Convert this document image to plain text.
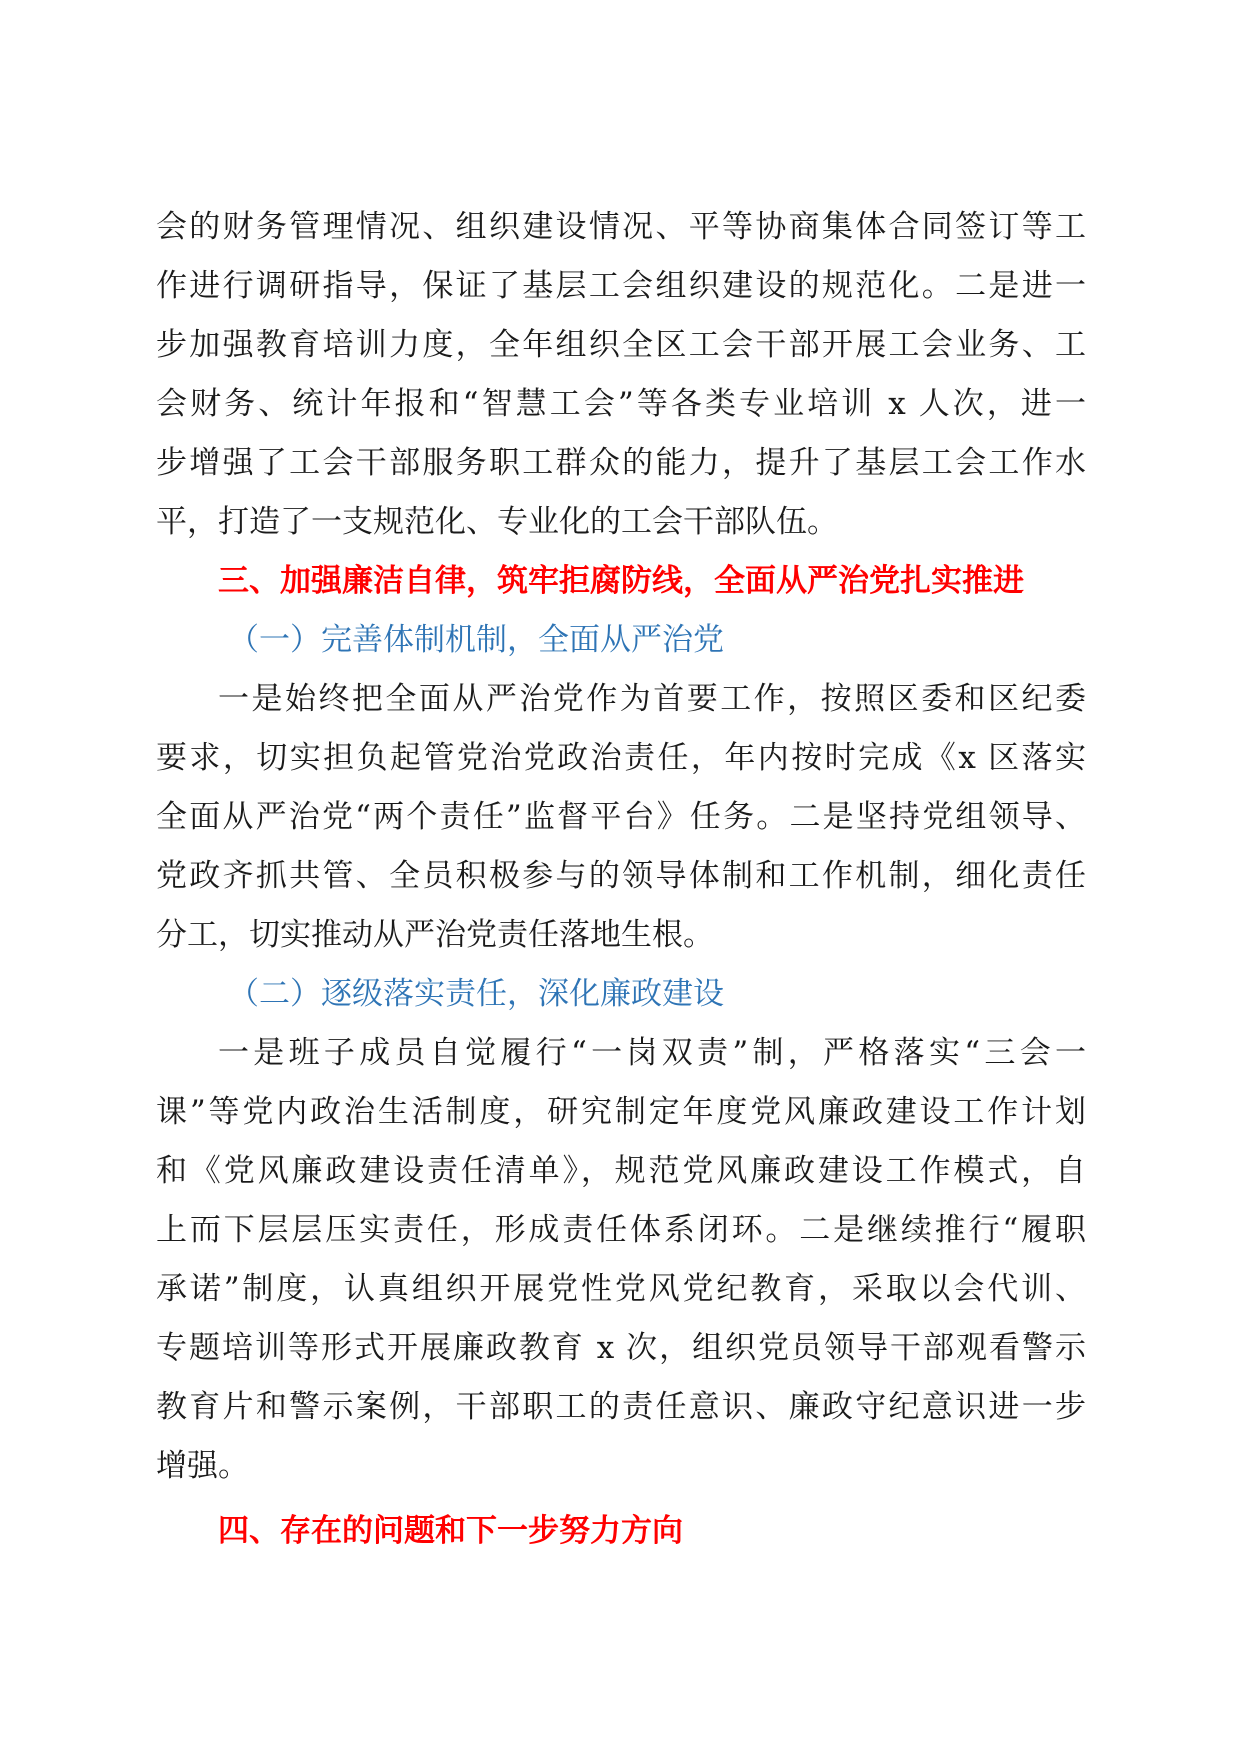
会的财务管理情况、组织建设情况、平等协商集体合同签订等工
作进行调研指导，保证了基层工会组织建设的规范化。二是进一
步加强教育培训力度，全年组织全区工会干部开展工会业务、工
会财务、统计年报和“智慧工会”等各类专业培训 x 人次，进一
步增强了工会干部服务职工群众的能力，提升了基层工会工作水
平，打造了一支规范化、专业化的工会干部队伍。
三、加强廉洁自律，筑牢拒腐防线，全面从严治党扎实推进
（一）完善体制机制，全面从严治党
一是始终把全面从严治党作为首要工作，按照区委和区纪委
要求，切实担负起管党治党政治责任，年内按时完成《x 区落实
全面从严治党“两个责任”监督平台》任务。二是坚持党组领导、
党政齐抓共管、全员积极参与的领导体制和工作机制，细化责任
分工，切实推动从严治党责任落地生根。
（二）逐级落实责任，深化廉政建设
一是班子成员自觉履行“一岗双责”制，严格落实“三会一
课”等党内政治生活制度，研究制定年度党风廉政建设工作计划
和《党风廉政建设责任清单》，规范党风廉政建设工作模式，自
上而下层层压实责任，形成责任体系闭环。二是继续推行“履职
承诺”制度，认真组织开展党性党风党纪教育，采取以会代训、
专题培训等形式开展廉政教育 x 次，组织党员领导干部观看警示
教育片和警示案例，干部职工的责任意识、廉政守纪意识进一步
增强。
四、存在的问题和下一步努力方向
